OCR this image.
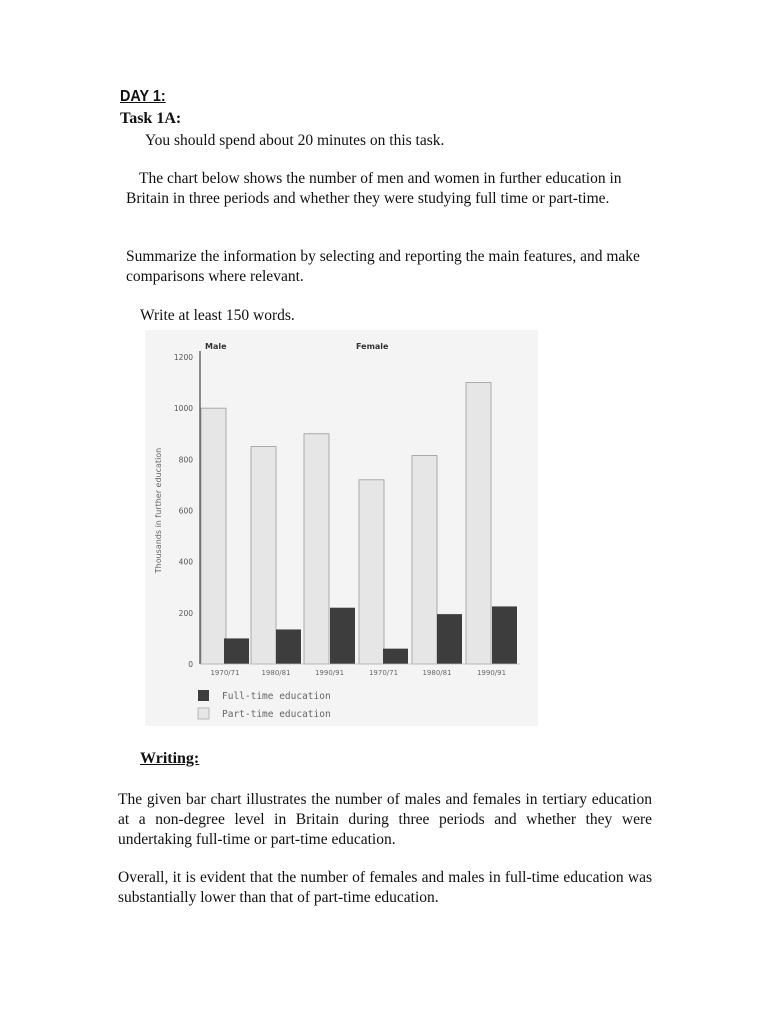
DAY 1:
Task 1A:
You should spend about 20 minutes on this task.
The chart below shows the number of men and women in further education in Britain in three periods and whether they were studying full time or part-time.
Summarize the information by selecting and reporting the main features, and make comparisons where relevant.
Write at least 150 words.
0
200
400
600
800
1000
1200
Thousands in further education
Male	Female
1970/71	1980/81	1990/91	1970/71	1980/81	1990/91
Full-time education
Part-time education
Writing:
The given bar chart illustrates the number of males and females in tertiary education at a non-degree level in Britain during three periods and whether they were undertaking full-time or part-time education.
Overall, it is evident that the number of females and males in full-time education was substantially lower than that of part-time education.
